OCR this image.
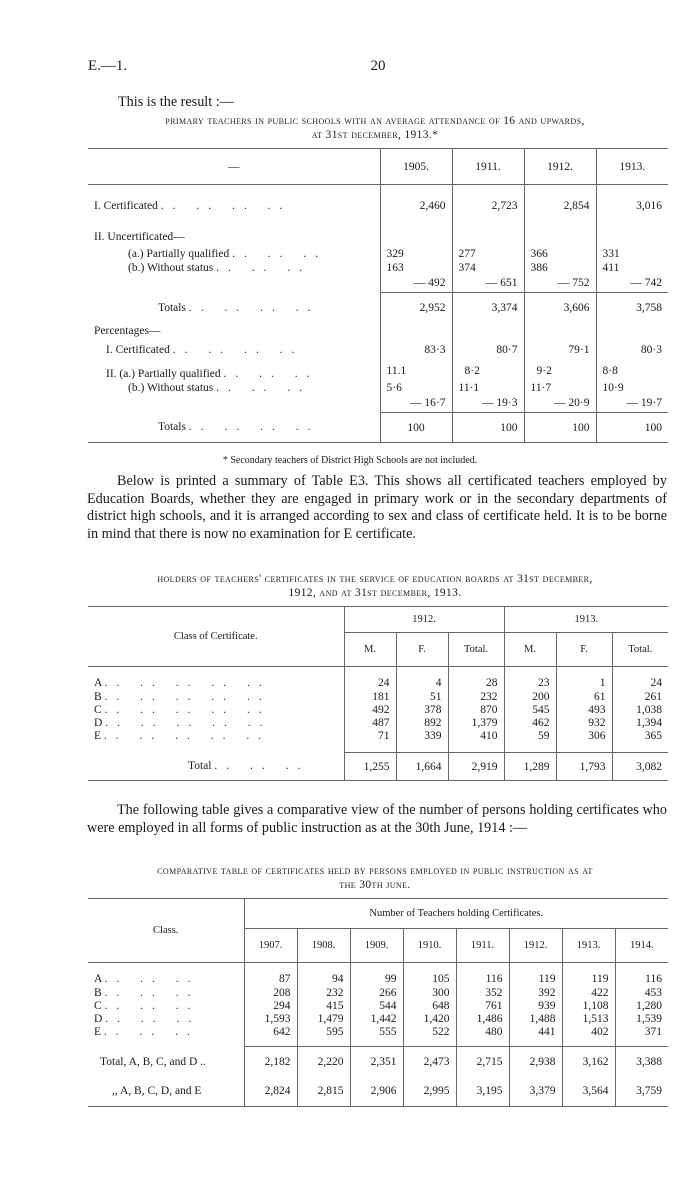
E.—1.	20
This is the result :—
primary teachers in public schools with an average attendance of 16 and upwards,
at 31st december, 1913.*
—	1905.	1911.	1912.	1913.
I. Certificated .. .. .. ..	2,460	2,723	2,854	3,016
II. Uncertificated—				
(a.) Partially qualified .. .. ..	329	277	366	331
(b.) Without status .. .. ..	163	374	386	411
	— 492	— 651	— 752	— 742
Totals .. .. .. ..	2,952	3,374	3,606	3,758
Percentages—				
I. Certificated .. .. .. ..	83·3	80·7	79·1	80·3
II. (a.) Partially qualified .. .. ..	11.1	8·2	9·2	8·8
(b.) Without status .. .. ..	5·6	11·1	11·7	10·9
	— 16·7	— 19·3	— 20·9	— 19·7
Totals .. .. .. ..	100	100	100	100
* Secondary teachers of District High Schools are not included.
Below is printed a summary of Table E3. This shows all certificated teachers employed by Education Boards, whether they are engaged in primary work or in the secondary departments of district high schools, and it is arranged according to sex and class of certificate held. It is to be borne in mind that there is now no examination for E certificate.
holders of teachers' certificates in the service of education boards at 31st december,
1912, and at 31st december, 1913.
Class of Certificate.	1912.			1913.		
	M.	F.	Total.	M.	F.	Total.
A .. .. .. .. ..	24	4	28	23	1	24
B .. .. .. .. ..	181	51	232	200	61	261
C .. .. .. .. ..	492	378	870	545	493	1,038
D .. .. .. .. ..	487	892	1,379	462	932	1,394
E .. .. .. .. ..	71	339	410	59	306	365

Total .. .. ..	1,255	1,664	2,919	1,289	1,793	3,082
The following table gives a comparative view of the number of persons holding certificates who were employed in all forms of public instruction as at the 30th June, 1914 :—
comparative table of certificates held by persons employed in public instruction as at
the 30th june.
Class.	Number of Teachers holding Certificates.							
	1907.	1908.	1909.	1910.	1911.	1912.	1913.	1914.
A .. .. ..	87	94	99	105	116	119	119	116
B .. .. ..	208	232	266	300	352	392	422	453
C .. .. ..	294	415	544	648	761	939	1,108	1,280
D .. .. ..	1,593	1,479	1,442	1,420	1,486	1,488	1,513	1,539
E .. .. ..	642	595	555	522	480	441	402	371

Total, A, B, C, and D ..	2,182	2,220	2,351	2,473	2,715	2,938	3,162	3,388
,, A, B, C, D, and E	2,824	2,815	2,906	2,995	3,195	3,379	3,564	3,759
